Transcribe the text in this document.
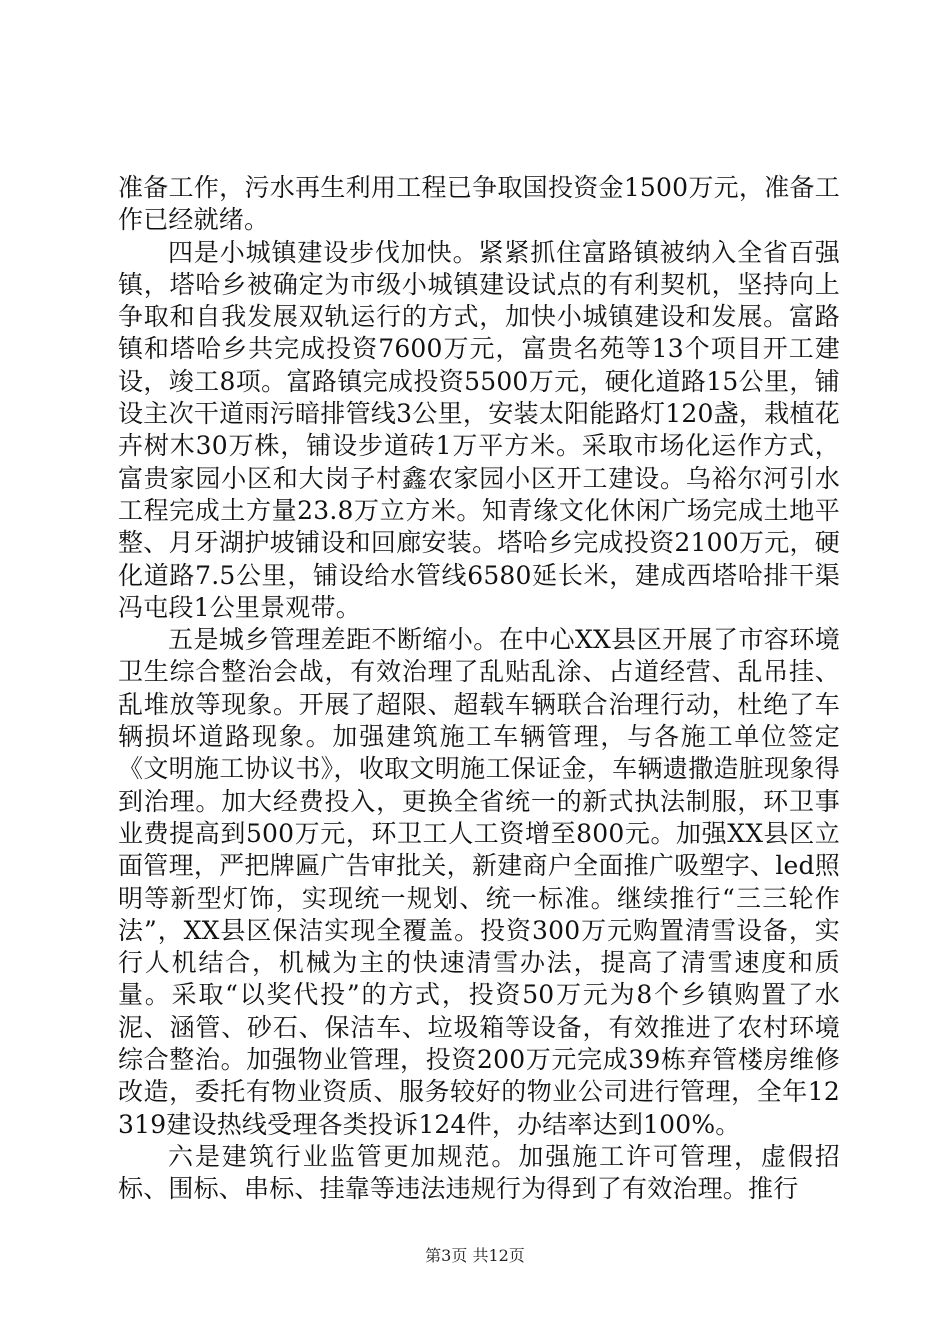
准备工作，污水再生利用工程已争取国投资金1500万元，准备工作已经就绪。

四是小城镇建设步伐加快。紧紧抓住富路镇被纳入全省百强镇，塔哈乡被确定为市级小城镇建设试点的有利契机，坚持向上争取和自我发展双轨运行的方式，加快小城镇建设和发展。富路镇和塔哈乡共完成投资7600万元，富贵名苑等13个项目开工建设，竣工8项。富路镇完成投资5500万元，硬化道路15公里，铺设主次干道雨污暗排管线3公里，安装太阳能路灯120盏，栽植花卉树木30万株，铺设步道砖1万平方米。采取市场化运作方式，富贵家园小区和大岗子村鑫农家园小区开工建设。乌裕尔河引水工程完成土方量23.8万立方米。知青缘文化休闲广场完成土地平整、月牙湖护坡铺设和回廊安装。塔哈乡完成投资2100万元，硬化道路7.5公里，铺设给水管线6580延长米，建成西塔哈排干渠冯屯段1公里景观带。

五是城乡管理差距不断缩小。在中心XX县区开展了市容环境卫生综合整治会战，有效治理了乱贴乱涂、占道经营、乱吊挂、乱堆放等现象。开展了超限、超载车辆联合治理行动，杜绝了车辆损坏道路现象。加强建筑施工车辆管理，与各施工单位签定《文明施工协议书》，收取文明施工保证金，车辆遗撒造脏现象得到治理。加大经费投入，更换全省统一的新式执法制服，环卫事业费提高到500万元，环卫工人工资增至800元。加强XX县区立面管理，严把牌匾广告审批关，新建商户全面推广吸塑字、led照明等新型灯饰，实现统一规划、统一标准。继续推行“三三轮作法”，XX县区保洁实现全覆盖。投资300万元购置清雪设备，实行人机结合，机械为主的快速清雪办法，提高了清雪速度和质量。采取“以奖代投”的方式，投资50万元为8个乡镇购置了水泥、涵管、砂石、保洁车、垃圾箱等设备，有效推进了农村环境综合整治。加强物业管理，投资200万元完成39栋弃管楼房维修改造，委托有物业资质、服务较好的物业公司进行管理，全年12319建设热线受理各类投诉124件，办结率达到100%。

六是建筑行业监管更加规范。加强施工许可管理，虚假招标、围标、串标、挂靠等违法违规行为得到了有效治理。推行

第3页 共12页
